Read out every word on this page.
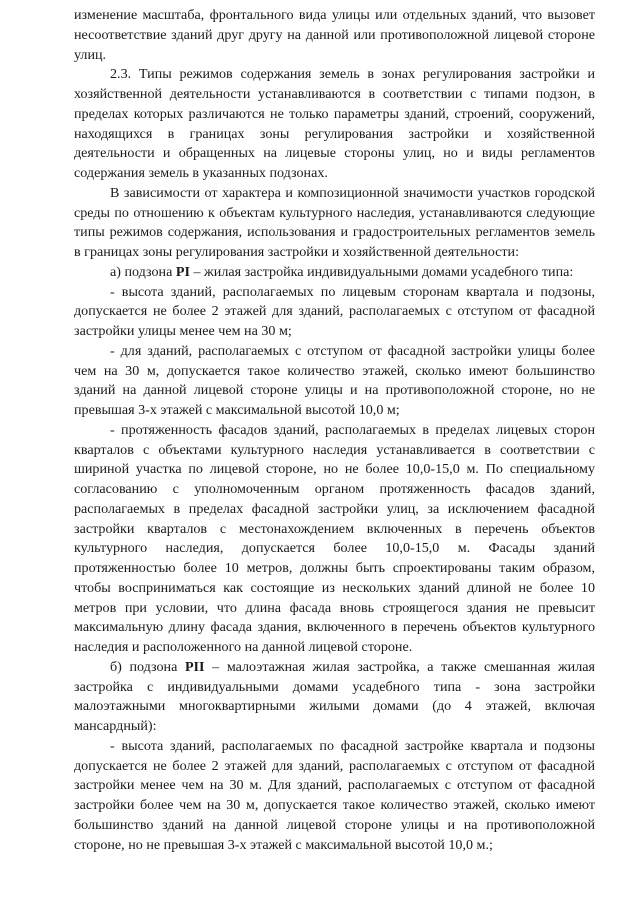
изменение масштаба, фронтального вида улицы или отдельных зданий, что вызовет несоответствие зданий друг другу на данной или противоположной лицевой стороне улиц.

2.3. Типы режимов содержания земель в зонах регулирования застройки и хозяйственной деятельности устанавливаются в соответствии с типами подзон, в пределах которых различаются не только параметры зданий, строений, сооружений, находящихся в границах зоны регулирования застройки и хозяйственной деятельности и обращенных на лицевые стороны улиц, но и виды регламентов содержания земель в указанных подзонах.

В зависимости от характера и композиционной значимости участков городской среды по отношению к объектам культурного наследия, устанавливаются следующие типы режимов содержания, использования и градостроительных регламентов земель в границах зоны регулирования застройки и хозяйственной деятельности:

а) подзона PI – жилая застройка индивидуальными домами усадебного типа:

- высота зданий, располагаемых по лицевым сторонам квартала и подзоны, допускается не более 2 этажей для зданий, располагаемых с отступом от фасадной застройки улицы менее чем на 30 м;

- для зданий, располагаемых с отступом от фасадной застройки улицы более чем на 30 м, допускается такое количество этажей, сколько имеют большинство зданий на данной лицевой стороне улицы и на противоположной стороне, но не превышая 3-х этажей с максимальной высотой 10,0 м;

- протяженность фасадов зданий, располагаемых в пределах лицевых сторон кварталов с объектами культурного наследия устанавливается в соответствии с шириной участка по лицевой стороне, но не более 10,0-15,0 м. По специальному согласованию с уполномоченным органом протяженность фасадов зданий, располагаемых в пределах фасадной застройки улиц, за исключением фасадной застройки кварталов с местонахождением включенных в перечень объектов культурного наследия, допускается более 10,0-15,0 м. Фасады зданий протяженностью более 10 метров, должны быть спроектированы таким образом, чтобы восприниматься как состоящие из нескольких зданий длиной не более 10 метров при условии, что длина фасада вновь строящегося здания не превысит максимальную длину фасада здания, включенного в перечень объектов культурного наследия и расположенного на данной лицевой стороне.

б) подзона PII – малоэтажная жилая застройка, а также смешанная жилая застройка с индивидуальными домами усадебного типа - зона застройки малоэтажными многоквартирными жилыми домами (до 4 этажей, включая мансардный):

- высота зданий, располагаемых по фасадной застройке квартала и подзоны допускается не более 2 этажей для зданий, располагаемых с отступом от фасадной застройки менее чем на 30 м. Для зданий, располагаемых с отступом от фасадной застройки более чем на 30 м, допускается такое количество этажей, сколько имеют большинство зданий на данной лицевой стороне улицы и на противоположной стороне, но не превышая 3-х этажей с максимальной высотой 10,0 м.;
